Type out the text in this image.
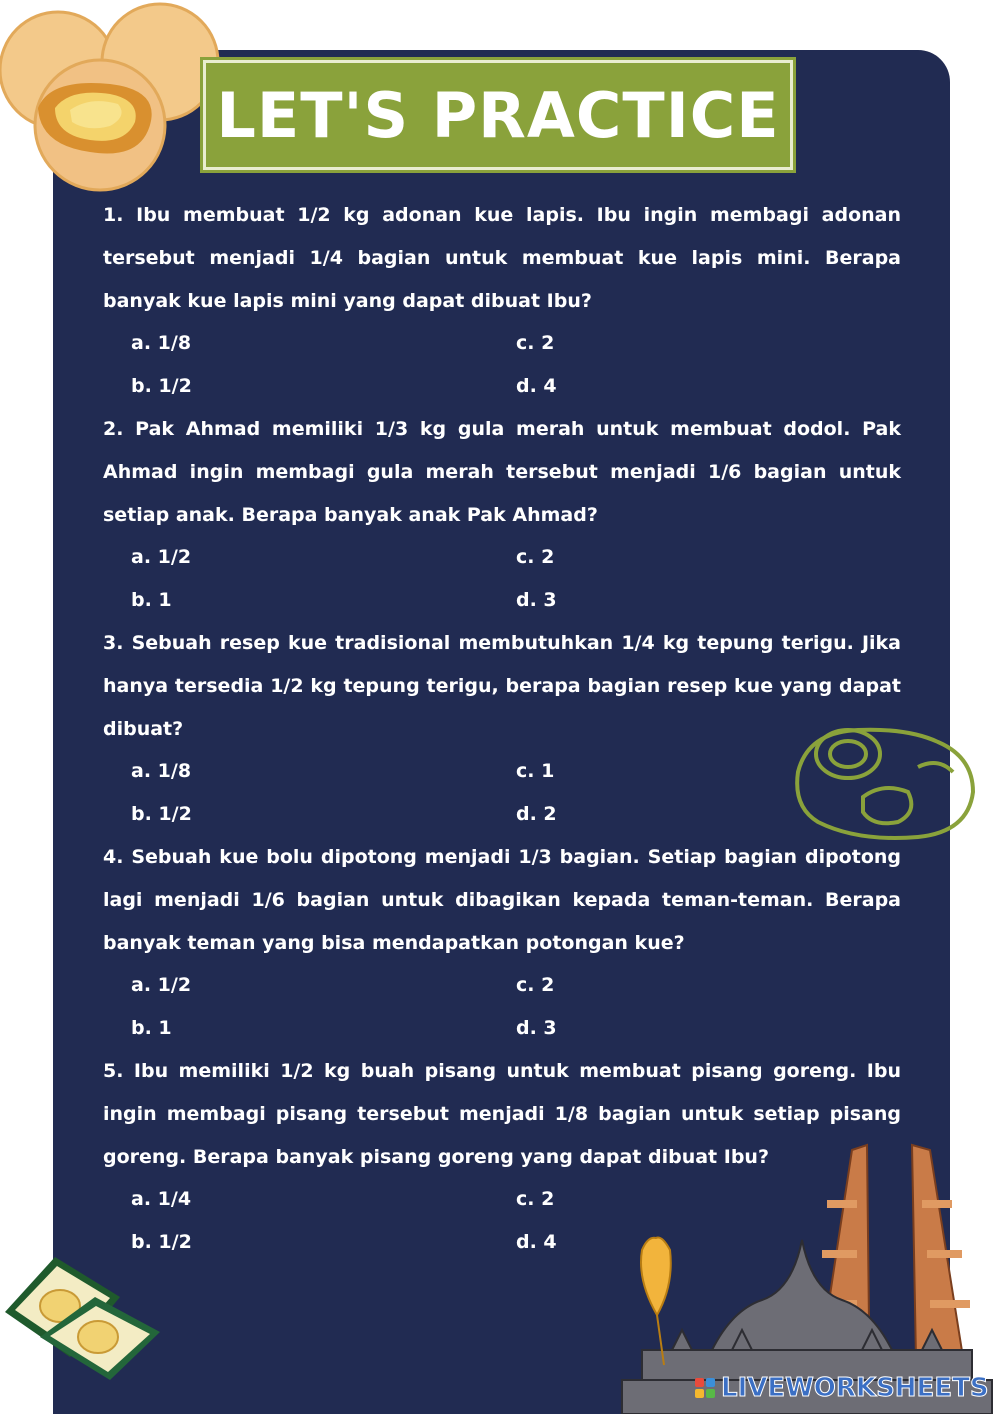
LET'S PRACTICE

1. Ibu membuat 1/2 kg adonan kue lapis. Ibu ingin membagi adonan tersebut menjadi 1/4 bagian untuk membuat kue lapis mini. Berapa banyak kue lapis mini yang dapat dibuat Ibu?

a. 1/8	c. 2
b. 1/2	d. 4

2. Pak Ahmad memiliki 1/3 kg gula merah untuk membuat dodol. Pak Ahmad ingin membagi gula merah tersebut menjadi 1/6 bagian untuk setiap anak. Berapa banyak anak Pak Ahmad?

a. 1/2	c. 2
b. 1	d. 3

3. Sebuah resep kue tradisional membutuhkan 1/4 kg tepung terigu. Jika hanya tersedia 1/2 kg tepung terigu, berapa bagian resep kue yang dapat dibuat?

a. 1/8	c. 1
b. 1/2	d. 2

4. Sebuah kue bolu dipotong menjadi 1/3 bagian. Setiap bagian dipotong lagi menjadi 1/6 bagian untuk dibagikan kepada teman-teman. Berapa banyak teman yang bisa mendapatkan potongan kue?

a. 1/2	c. 2
b. 1	d. 3

5. Ibu memiliki 1/2 kg buah pisang untuk membuat pisang goreng. Ibu ingin membagi pisang tersebut menjadi 1/8 bagian untuk setiap pisang goreng. Berapa banyak pisang goreng yang dapat dibuat Ibu?

a. 1/4	c. 2
b. 1/2	d. 4
LIVEWORKSHEETS
